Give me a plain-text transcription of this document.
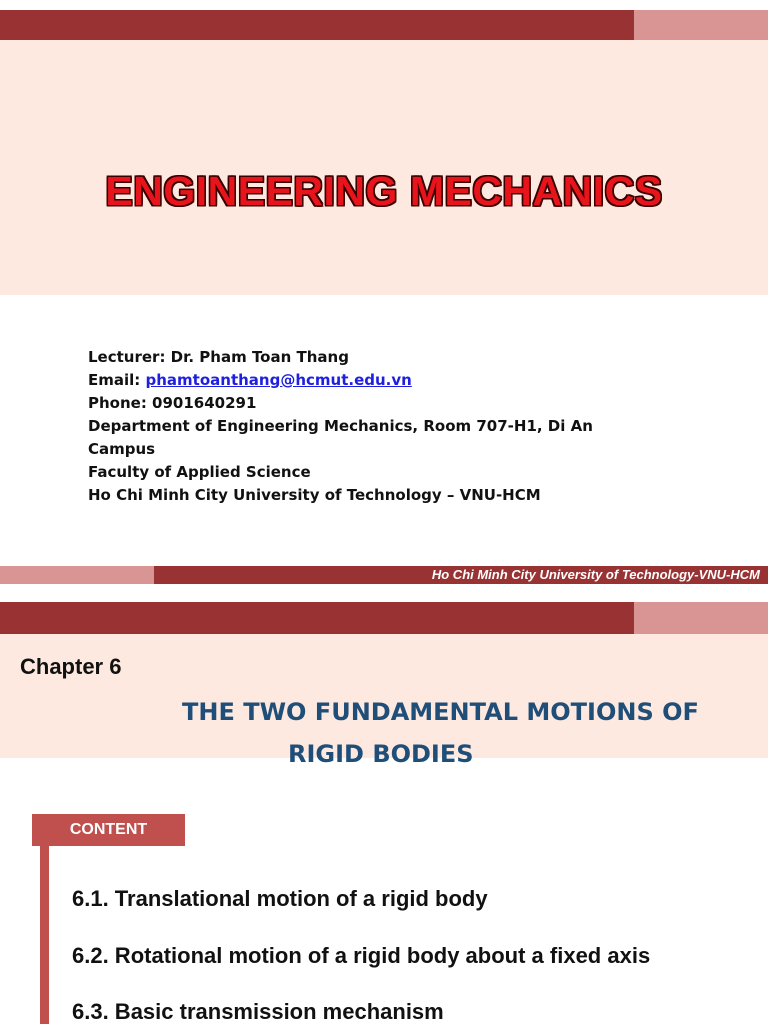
ENGINEERING MECHANICS
Lecturer: Dr. Pham Toan Thang
Email: phamtoanthang@hcmut.edu.vn
Phone: 0901640291
Department of Engineering Mechanics, Room 707-H1, Di An
Campus
Faculty of Applied Science
Ho Chi Minh City University of Technology – VNU-HCM
Ho Chi Minh City University of Technology-VNU-HCM
Chapter 6
THE TWO FUNDAMENTAL MOTIONS OF
RIGID BODIES
CONTENT
6.1. Translational motion of a rigid body
6.2. Rotational motion of a rigid body about a fixed axis
6.3. Basic transmission mechanism
